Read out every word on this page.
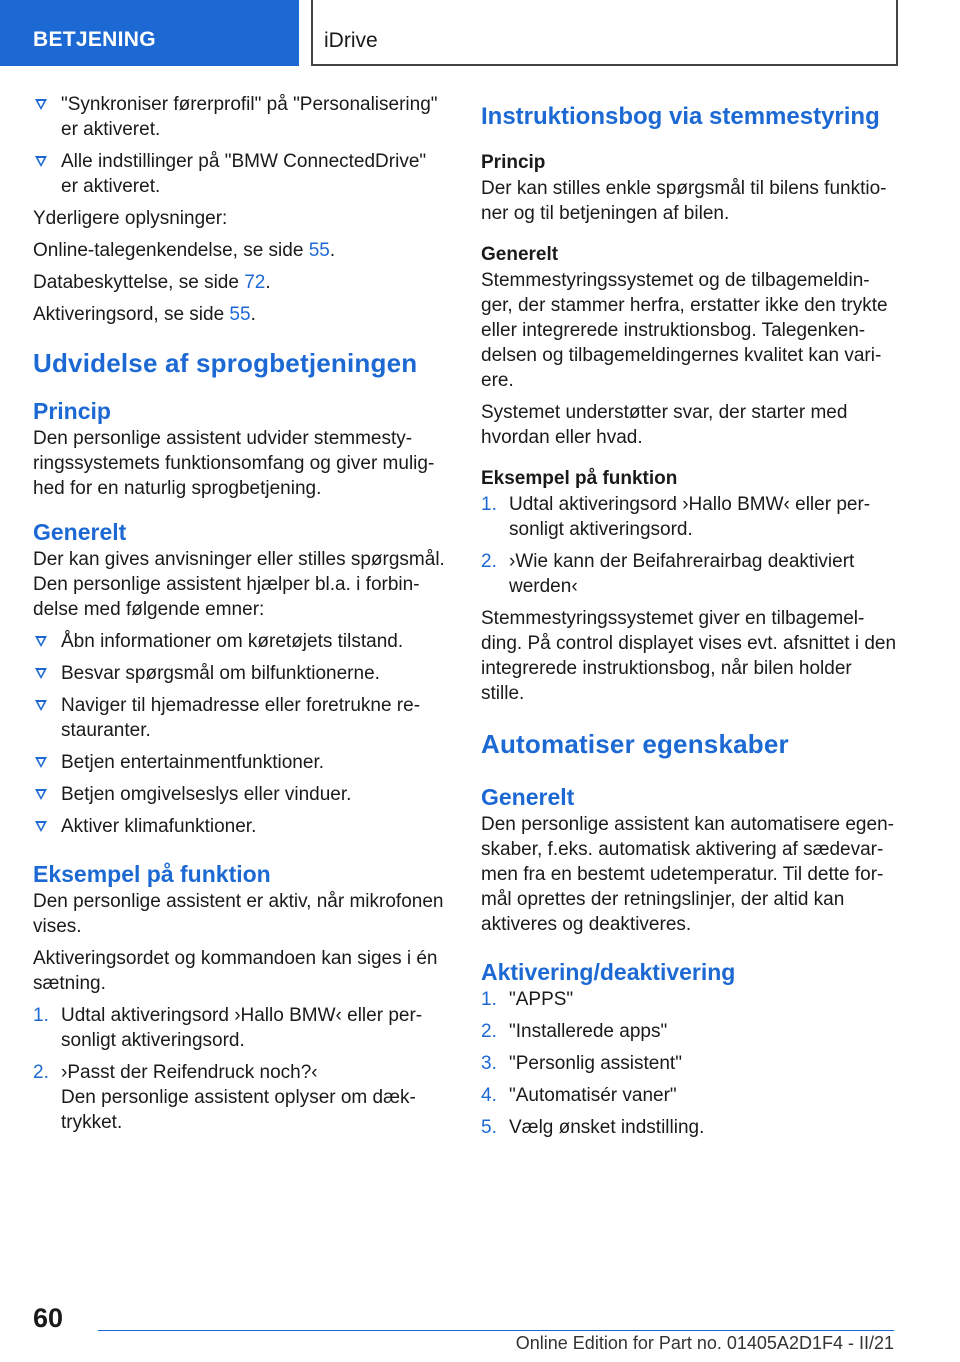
BETJENING	iDrive
"Synkroniser førerprofil" på "Personalisering" er aktiveret.
Alle indstillinger på "BMW ConnectedDrive" er aktiveret.

Yderligere oplysninger:

Online-talegenkendelse, se side 55.

Databeskyttelse, se side 72.

Aktiveringsord, se side 55.

Udvidelse af sprogbetjeningen
Princip

Den personlige assistent udvider stemmesty-ringssystemets funktionsomfang og giver mulig-hed for en naturlig sprogbetjening.

Generelt

Der kan gives anvisninger eller stilles spørgsmål. Den personlige assistent hjælper bl.a. i forbin-delse med følgende emner:

Åbn informationer om køretøjets tilstand.
Besvar spørgsmål om bilfunktionerne.
Naviger til hjemadresse eller foretrukne re-stauranter.
Betjen entertainmentfunktioner.
Betjen omgivelseslys eller vinduer.
Aktiver klimafunktioner.
Eksempel på funktion

Den personlige assistent er aktiv, når mikrofonen vises.

Aktiveringsordet og kommandoen kan siges i én sætning.

1. Udtal aktiveringsord ›Hallo BMW‹ eller per-sonligt aktiveringsord.
2. ›Passt der Reifendruck noch?‹

Den personlige assistent oplyser om dæk-trykket.

Instruktionsbog via stemmestyring
Princip

Der kan stilles enkle spørgsmål til bilens funktio-ner og til betjeningen af bilen.

Generelt

Stemmestyringssystemet og de tilbagemeldin-ger, der stammer herfra, erstatter ikke den trykte eller integrerede instruktionsbog. Talegenken-delsen og tilbagemeldingernes kvalitet kan vari-ere.

Systemet understøtter svar, der starter med hvordan eller hvad.

Eksempel på funktion
1. Udtal aktiveringsord ›Hallo BMW‹ eller per-sonligt aktiveringsord.
2. ›Wie kann der Beifahrerairbag deaktiviert werden‹

Stemmestyringssystemet giver en tilbagemel-ding. På control displayet vises evt. afsnittet i den integrerede instruktionsbog, når bilen holder stille.

Automatiser egenskaber
Generelt

Den personlige assistent kan automatisere egen-skaber, f.eks. automatisk aktivering af sædevar-men fra en bestemt udetemperatur. Til dette for-mål oprettes der retningslinjer, der altid kan aktiveres og deaktiveres.

Aktivering/deaktivering
1. "APPS"
2. "Installerede apps"
3. "Personlig assistent"
4. "Automatisér vaner"
5. Vælg ønsket indstilling.
60
Online Edition for Part no. 01405A2D1F4 - II/21
